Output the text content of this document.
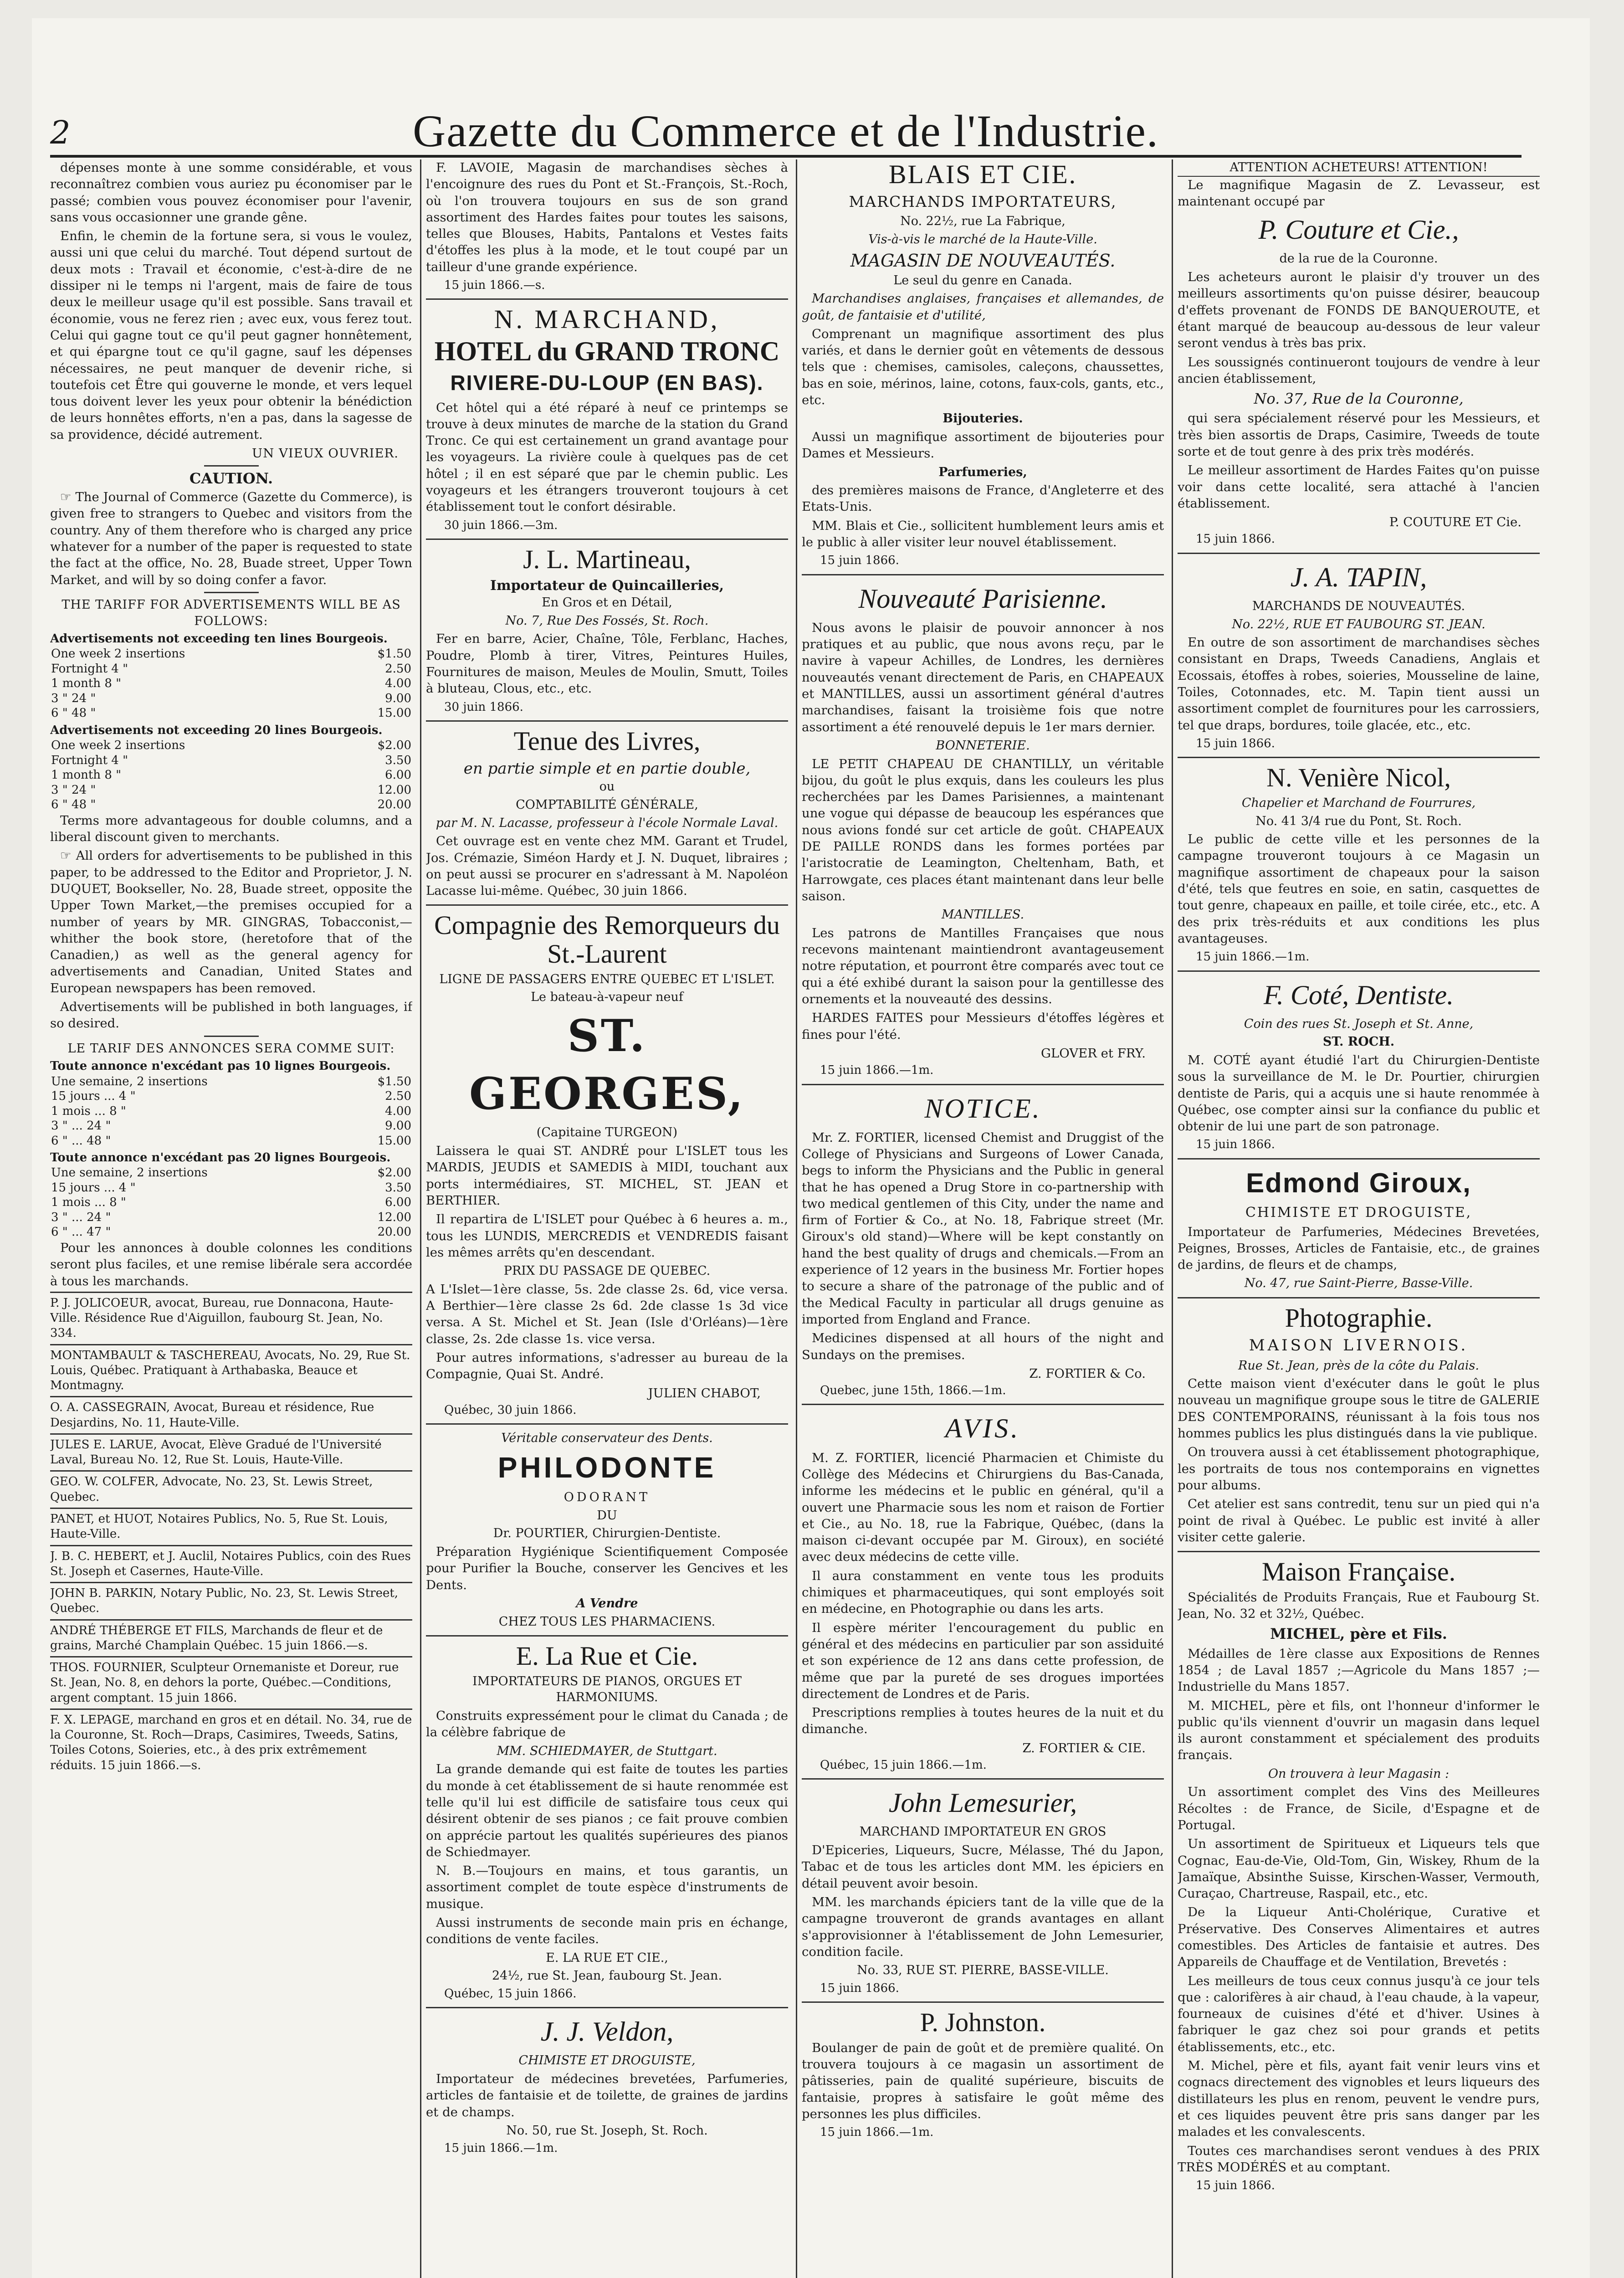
2	Gazette du Commerce et de l'Industrie.

dépenses monte à une somme considérable, et vous reconnaîtrez combien vous auriez pu économiser par le passé; combien vous pouvez économiser pour l'avenir, sans vous occasionner une grande gêne.

Enfin, le chemin de la fortune sera, si vous le voulez, aussi uni que celui du marché. Tout dépend surtout de deux mots : Travail et économie, c'est-à-dire de ne dissiper ni le temps ni l'argent, mais de faire de tous deux le meilleur usage qu'il est possible. Sans travail et économie, vous ne ferez rien ; avec eux, vous ferez tout. Celui qui gagne tout ce qu'il peut gagner honnêtement, et qui épargne tout ce qu'il gagne, sauf les dépenses nécessaires, ne peut manquer de devenir riche, si toutefois cet Être qui gouverne le monde, et vers lequel tous doivent lever les yeux pour obtenir la bénédiction de leurs honnêtes efforts, n'en a pas, dans la sagesse de sa providence, décidé autrement.

UN VIEUX OUVRIER.
CAUTION.

☞ The Journal of Commerce (Gazette du Commerce), is given free to strangers to Quebec and visitors from the country. Any of them therefore who is charged any price whatever for a number of the paper is requested to state the fact at the office, No. 28, Buade street, Upper Town Market, and will by so doing confer a favor.

THE TARIFF FOR ADVERTISEMENTS WILL BE AS FOLLOWS:
Advertisements not exceeding ten lines Bourgeois.
One week 2 insertions	$1.50
Fortnight 4 "	2.50
1 month 8 "	4.00
3 " 24 "	9.00
6 " 48 "	15.00
Advertisements not exceeding 20 lines Bourgeois.
One week 2 insertions	$2.00
Fortnight 4 "	3.50
1 month 8 "	6.00
3 " 24 "	12.00
6 " 48 "	20.00

Terms more advantageous for double columns, and a liberal discount given to merchants.

☞ All orders for advertisements to be published in this paper, to be addressed to the Editor and Proprietor, J. N. DUQUET, Bookseller, No. 28, Buade street, opposite the Upper Town Market,—the premises occupied for a number of years by MR. GINGRAS, Tobacconist,—whither the book store, (heretofore that of the Canadien,) as well as the general agency for advertisements and Canadian, United States and European newspapers has been removed.

Advertisements will be published in both languages, if so desired.

LE TARIF DES ANNONCES SERA COMME SUIT:
Toute annonce n'excédant pas 10 lignes Bourgeois.
Une semaine, 2 insertions	$1.50
15 jours ... 4 "	2.50
1 mois ... 8 "	4.00
3 " ... 24 "	9.00
6 " ... 48 "	15.00
Toute annonce n'excédant pas 20 lignes Bourgeois.
Une semaine, 2 insertions	$2.00
15 jours ... 4 "	3.50
1 mois ... 8 "	6.00
3 " ... 24 "	12.00
6 " ... 47 "	20.00

Pour les annonces à double colonnes les conditions seront plus faciles, et une remise libérale sera accordée à tous les marchands.

P. J. JOLICOEUR, avocat, Bureau, rue Donnacona, Haute-Ville. Résidence Rue d'Aiguillon, faubourg St. Jean, No. 334.
MONTAMBAULT & TASCHEREAU, Avocats, No. 29, Rue St. Louis, Québec. Pratiquant à Arthabaska, Beauce et Montmagny.
O. A. CASSEGRAIN, Avocat, Bureau et résidence, Rue Desjardins, No. 11, Haute-Ville.
JULES E. LARUE, Avocat, Elève Gradué de l'Université Laval, Bureau No. 12, Rue St. Louis, Haute-Ville.
GEO. W. COLFER, Advocate, No. 23, St. Lewis Street, Quebec.
PANET, et HUOT, Notaires Publics, No. 5, Rue St. Louis, Haute-Ville.
J. B. C. HEBERT, et J. Auclil, Notaires Publics, coin des Rues St. Joseph et Casernes, Haute-Ville.
JOHN B. PARKIN, Notary Public, No. 23, St. Lewis Street, Quebec.
ANDRÉ THÉBERGE ET FILS, Marchands de fleur et de grains, Marché Champlain Québec. 15 juin 1866.—s.
THOS. FOURNIER, Sculpteur Ornemaniste et Doreur, rue St. Jean, No. 8, en dehors la porte, Québec.—Conditions, argent comptant. 15 juin 1866.
F. X. LEPAGE, marchand en gros et en détail. No. 34, rue de la Couronne, St. Roch—Draps, Casimires, Tweeds, Satins, Toiles Cotons, Soieries, etc., à des prix extrêmement réduits. 15 juin 1866.—s.

F. LAVOIE, Magasin de marchandises sèches à l'encoignure des rues du Pont et St.-François, St.-Roch, où l'on trouvera toujours en sus de son grand assortiment des Hardes faites pour toutes les saisons, telles que Blouses, Habits, Pantalons et Vestes faits d'étoffes les plus à la mode, et le tout coupé par un tailleur d'une grande expérience.

15 juin 1866.—s.
N. MARCHAND,
HOTEL du GRAND TRONC
RIVIERE-DU-LOUP (EN BAS).

Cet hôtel qui a été réparé à neuf ce printemps se trouve à deux minutes de marche de la station du Grand Tronc. Ce qui est certainement un grand avantage pour les voyageurs. La rivière coule à quelques pas de cet hôtel ; il en est séparé que par le chemin public. Les voyageurs et les étrangers trouveront toujours à cet établissement tout le confort désirable.

30 juin 1866.—3m.
J. L. Martineau,
Importateur de Quincailleries,
En Gros et en Détail,
No. 7, Rue Des Fossés, St. Roch.

Fer en barre, Acier, Chaîne, Tôle, Ferblanc, Haches, Poudre, Plomb à tirer, Vitres, Peintures Huiles, Fournitures de maison, Meules de Moulin, Smutt, Toiles à bluteau, Clous, etc., etc.

30 juin 1866.
Tenue des Livres,
en partie simple et en partie double,
ou
COMPTABILITÉ GÉNÉRALE,
par M. N. Lacasse, professeur à l'école Normale Laval.

Cet ouvrage est en vente chez MM. Garant et Trudel, Jos. Crémazie, Siméon Hardy et J. N. Duquet, libraires ; on peut aussi se procurer en s'adressant à M. Napoléon Lacasse lui-même. Québec, 30 juin 1866.

Compagnie des Remorqueurs du St.-Laurent
LIGNE DE PASSAGERS ENTRE QUEBEC ET L'ISLET.
Le bateau-à-vapeur neuf
ST. GEORGES,
(Capitaine TURGEON)

Laissera le quai ST. ANDRÉ pour L'ISLET tous les MARDIS, JEUDIS et SAMEDIS à MIDI, touchant aux ports intermédiaires, ST. MICHEL, ST. JEAN et BERTHIER.

Il repartira de L'ISLET pour Québec à 6 heures a. m., tous les LUNDIS, MERCREDIS et VENDREDIS faisant les mêmes arrêts qu'en descendant.

PRIX DU PASSAGE DE QUEBEC.

A L'Islet—1ère classe, 5s. 2de classe 2s. 6d, vice versa. A Berthier—1ère classe 2s 6d. 2de classe 1s 3d vice versa. A St. Michel et St. Jean (Isle d'Orléans)—1ère classe, 2s. 2de classe 1s. vice versa.

Pour autres informations, s'adresser au bureau de la Compagnie, Quai St. André.

JULIEN CHABOT,
Québec, 30 juin 1866.
Véritable conservateur des Dents.
PHILODONTE
ODORANT
DU
Dr. POURTIER, Chirurgien-Dentiste.

Préparation Hygiénique Scientifiquement Composée pour Purifier la Bouche, conserver les Gencives et les Dents.

A Vendre
CHEZ TOUS LES PHARMACIENS.
E. La Rue et Cie.
IMPORTATEURS DE PIANOS, ORGUES ET HARMONIUMS.

Construits expressément pour le climat du Canada ; de la célèbre fabrique de

MM. SCHIEDMAYER, de Stuttgart.

La grande demande qui est faite de toutes les parties du monde à cet établissement de si haute renommée est telle qu'il lui est difficile de satisfaire tous ceux qui désirent obtenir de ses pianos ; ce fait prouve combien on apprécie partout les qualités supérieures des pianos de Schiedmayer.

N. B.—Toujours en mains, et tous garantis, un assortiment complet de toute espèce d'instruments de musique.

Aussi instruments de seconde main pris en échange, conditions de vente faciles.

E. LA RUE ET CIE.,
24½, rue St. Jean, faubourg St. Jean.
Québec, 15 juin 1866.
J. J. Veldon,
CHIMISTE ET DROGUISTE,

Importateur de médecines brevetées, Parfumeries, articles de fantaisie et de toilette, de graines de jardins et de champs.

No. 50, rue St. Joseph, St. Roch.
15 juin 1866.—1m.
BLAIS ET CIE.
MARCHANDS IMPORTATEURS,
No. 22½, rue La Fabrique,
Vis-à-vis le marché de la Haute-Ville.
MAGASIN DE NOUVEAUTÉS.
Le seul du genre en Canada.

Marchandises anglaises, françaises et allemandes, de goût, de fantaisie et d'utilité,

Comprenant un magnifique assortiment des plus variés, et dans le dernier goût en vêtements de dessous tels que : chemises, camisoles, caleçons, chaussettes, bas en soie, mérinos, laine, cotons, faux-cols, gants, etc., etc.

Bijouteries.

Aussi un magnifique assortiment de bijouteries pour Dames et Messieurs.

Parfumeries,

des premières maisons de France, d'Angleterre et des Etats-Unis.

MM. Blais et Cie., sollicitent humblement leurs amis et le public à aller visiter leur nouvel établissement.

15 juin 1866.
Nouveauté Parisienne.

Nous avons le plaisir de pouvoir annoncer à nos pratiques et au public, que nous avons reçu, par le navire à vapeur Achilles, de Londres, les dernières nouveautés venant directement de Paris, en CHAPEAUX et MANTILLES, aussi un assortiment général d'autres marchandises, faisant la troisième fois que notre assortiment a été renouvelé depuis le 1er mars dernier.

BONNETERIE.

LE PETIT CHAPEAU DE CHANTILLY, un véritable bijou, du goût le plus exquis, dans les couleurs les plus recherchées par les Dames Parisiennes, a maintenant une vogue qui dépasse de beaucoup les espérances que nous avions fondé sur cet article de goût. CHAPEAUX DE PAILLE RONDS dans les formes portées par l'aristocratie de Leamington, Cheltenham, Bath, et Harrowgate, ces places étant maintenant dans leur belle saison.

MANTILLES.

Les patrons de Mantilles Françaises que nous recevons maintenant maintiendront avantageusement notre réputation, et pourront être comparés avec tout ce qui a été exhibé durant la saison pour la gentillesse des ornements et la nouveauté des dessins.

HARDES FAITES pour Messieurs d'étoffes légères et fines pour l'été.

GLOVER et FRY.
15 juin 1866.—1m.
NOTICE.

Mr. Z. FORTIER, licensed Chemist and Druggist of the College of Physicians and Surgeons of Lower Canada, begs to inform the Physicians and the Public in general that he has opened a Drug Store in co-partnership with two medical gentlemen of this City, under the name and firm of Fortier & Co., at No. 18, Fabrique street (Mr. Giroux's old stand)—Where will be kept constantly on hand the best quality of drugs and chemicals.—From an experience of 12 years in the business Mr. Fortier hopes to secure a share of the patronage of the public and of the Medical Faculty in particular all drugs genuine as imported from England and France.

Medicines dispensed at all hours of the night and Sundays on the premises.

Z. FORTIER & Co.
Quebec, june 15th, 1866.—1m.
AVIS.

M. Z. FORTIER, licencié Pharmacien et Chimiste du Collège des Médecins et Chirurgiens du Bas-Canada, informe les médecins et le public en général, qu'il a ouvert une Pharmacie sous les nom et raison de Fortier et Cie., au No. 18, rue la Fabrique, Québec, (dans la maison ci-devant occupée par M. Giroux), en société avec deux médecins de cette ville.

Il aura constamment en vente tous les produits chimiques et pharmaceutiques, qui sont employés soit en médecine, en Photographie ou dans les arts.

Il espère mériter l'encouragement du public en général et des médecins en particulier par son assiduité et son expérience de 12 ans dans cette profession, de même que par la pureté de ses drogues importées directement de Londres et de Paris.

Prescriptions remplies à toutes heures de la nuit et du dimanche.

Z. FORTIER & CIE.
Québec, 15 juin 1866.—1m.
John Lemesurier,
MARCHAND IMPORTATEUR EN GROS

D'Epiceries, Liqueurs, Sucre, Mélasse, Thé du Japon, Tabac et de tous les articles dont MM. les épiciers en détail peuvent avoir besoin.

MM. les marchands épiciers tant de la ville que de la campagne trouveront de grands avantages en allant s'approvisionner à l'établissement de John Lemesurier, condition facile.

No. 33, RUE ST. PIERRE, BASSE-VILLE.
15 juin 1866.
P. Johnston.

Boulanger de pain de goût et de première qualité. On trouvera toujours à ce magasin un assortiment de pâtisseries, pain de qualité supérieure, biscuits de fantaisie, propres à satisfaire le goût même des personnes les plus difficiles.

15 juin 1866.—1m.
ATTENTION ACHETEURS! ATTENTION!

Le magnifique Magasin de Z. Levasseur, est maintenant occupé par

P. Couture et Cie.,
de la rue de la Couronne.

Les acheteurs auront le plaisir d'y trouver un des meilleurs assortiments qu'on puisse désirer, beaucoup d'effets provenant de FONDS DE BANQUEROUTE, et étant marqué de beaucoup au-dessous de leur valeur seront vendus à très bas prix.

Les soussignés continueront toujours de vendre à leur ancien établissement,

No. 37, Rue de la Couronne,

qui sera spécialement réservé pour les Messieurs, et très bien assortis de Draps, Casimire, Tweeds de toute sorte et de tout genre à des prix très modérés.

Le meilleur assortiment de Hardes Faites qu'on puisse voir dans cette localité, sera attaché à l'ancien établissement.

P. COUTURE ET Cie.
15 juin 1866.
J. A. TAPIN,
MARCHANDS DE NOUVEAUTÉS.
No. 22½, RUE ET FAUBOURG ST. JEAN.

En outre de son assortiment de marchandises sèches consistant en Draps, Tweeds Canadiens, Anglais et Ecossais, étoffes à robes, soieries, Mousseline de laine, Toiles, Cotonnades, etc. M. Tapin tient aussi un assortiment complet de fournitures pour les carrossiers, tel que draps, bordures, toile glacée, etc., etc.

15 juin 1866.
N. Venière Nicol,
Chapelier et Marchand de Fourrures,
No. 41 3/4 rue du Pont, St. Roch.

Le public de cette ville et les personnes de la campagne trouveront toujours à ce Magasin un magnifique assortiment de chapeaux pour la saison d'été, tels que feutres en soie, en satin, casquettes de tout genre, chapeaux en paille, et toile cirée, etc., etc. A des prix très-réduits et aux conditions les plus avantageuses.

15 juin 1866.—1m.
F. Coté, Dentiste.
Coin des rues St. Joseph et St. Anne,
ST. ROCH.

M. COTÉ ayant étudié l'art du Chirurgien-Dentiste sous la surveillance de M. le Dr. Pourtier, chirurgien dentiste de Paris, qui a acquis une si haute renommée à Québec, ose compter ainsi sur la confiance du public et obtenir de lui une part de son patronage.

15 juin 1866.
Edmond Giroux,
CHIMISTE ET DROGUISTE,

Importateur de Parfumeries, Médecines Brevetées, Peignes, Brosses, Articles de Fantaisie, etc., de graines de jardins, de fleurs et de champs,

No. 47, rue Saint-Pierre, Basse-Ville.
Photographie.
MAISON LIVERNOIS.
Rue St. Jean, près de la côte du Palais.

Cette maison vient d'exécuter dans le goût le plus nouveau un magnifique groupe sous le titre de GALERIE DES CONTEMPORAINS, réunissant à la fois tous nos hommes publics les plus distingués dans la vie publique.

On trouvera aussi à cet établissement photographique, les portraits de tous nos contemporains en vignettes pour albums.

Cet atelier est sans contredit, tenu sur un pied qui n'a point de rival à Québec. Le public est invité à aller visiter cette galerie.

Maison Française.

Spécialités de Produits Français, Rue et Faubourg St. Jean, No. 32 et 32½, Québec.

MICHEL, père et Fils.

Médailles de 1ère classe aux Expositions de Rennes 1854 ; de Laval 1857 ;—Agricole du Mans 1857 ;—Industrielle du Mans 1857.

M. MICHEL, père et fils, ont l'honneur d'informer le public qu'ils viennent d'ouvrir un magasin dans lequel ils auront constamment et spécialement des produits français.

On trouvera à leur Magasin :

Un assortiment complet des Vins des Meilleures Récoltes : de France, de Sicile, d'Espagne et de Portugal.

Un assortiment de Spiritueux et Liqueurs tels que Cognac, Eau-de-Vie, Old-Tom, Gin, Wiskey, Rhum de la Jamaïque, Absinthe Suisse, Kirschen-Wasser, Vermouth, Curaçao, Chartreuse, Raspail, etc., etc.

De la Liqueur Anti-Cholérique, Curative et Préservative. Des Conserves Alimentaires et autres comestibles. Des Articles de fantaisie et autres. Des Appareils de Chauffage et de Ventilation, Brevetés :

Les meilleurs de tous ceux connus jusqu'à ce jour tels que : calorifères à air chaud, à l'eau chaude, à la vapeur, fourneaux de cuisines d'été et d'hiver. Usines à fabriquer le gaz chez soi pour grands et petits établissements, etc., etc.

M. Michel, père et fils, ayant fait venir leurs vins et cognacs directement des vignobles et leurs liqueurs des distillateurs les plus en renom, peuvent le vendre purs, et ces liquides peuvent être pris sans danger par les malades et les convalescents.

Toutes ces marchandises seront vendues à des PRIX TRÈS MODÉRÉS et au comptant.

15 juin 1866.
